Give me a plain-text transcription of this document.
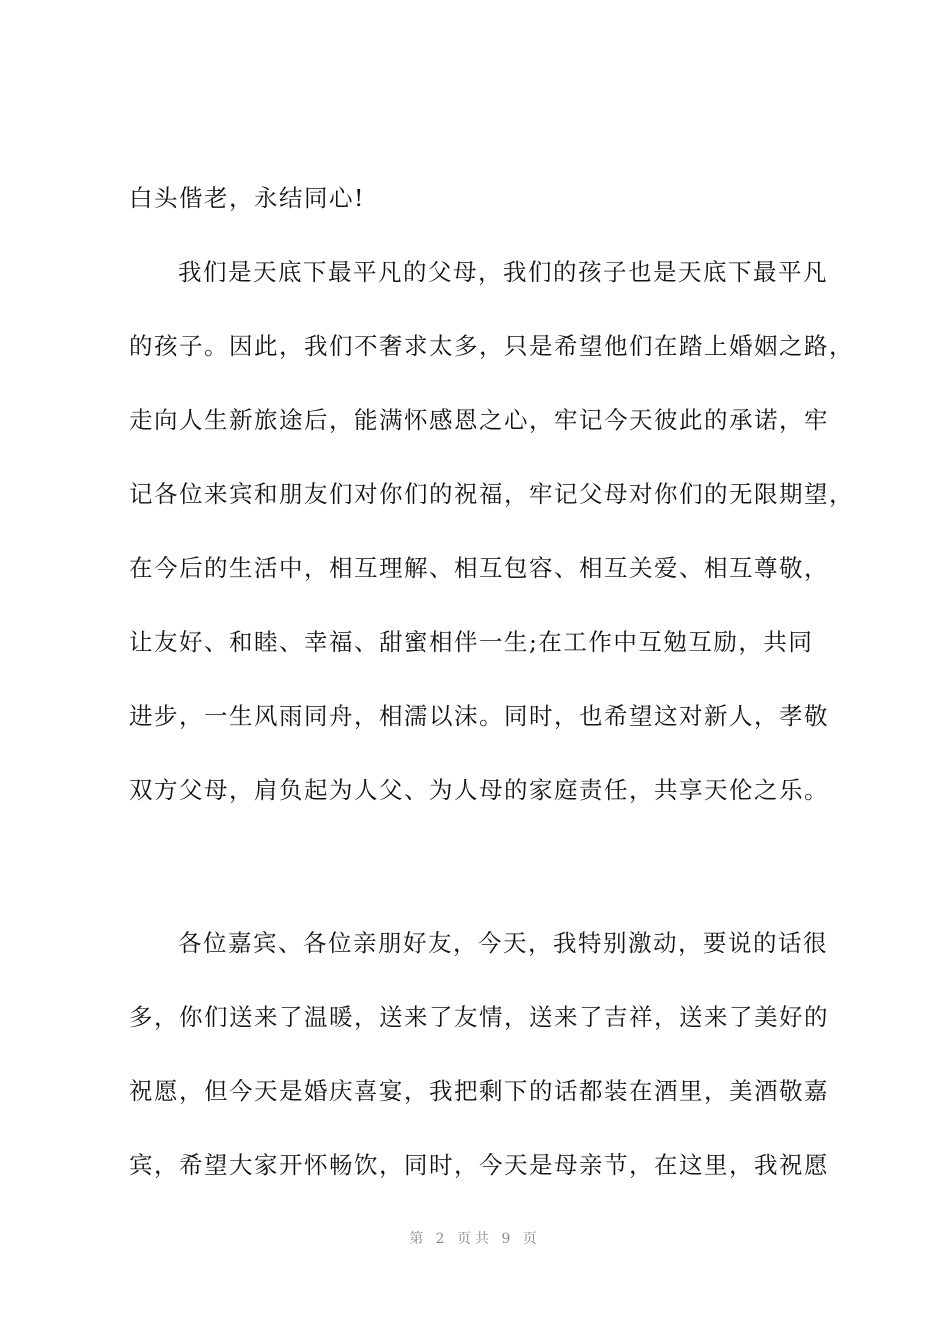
白头偕老，永结同心!
我们是天底下最平凡的父母，我们的孩子也是天底下最平凡
的孩子。因此，我们不奢求太多，只是希望他们在踏上婚姻之路，
走向人生新旅途后，能满怀感恩之心，牢记今天彼此的承诺，牢
记各位来宾和朋友们对你们的祝福，牢记父母对你们的无限期望，
在今后的生活中，相互理解、相互包容、相互关爱、相互尊敬，
让友好、和睦、幸福、甜蜜相伴一生;在工作中互勉互励，共同
进步，一生风雨同舟，相濡以沫。同时，也希望这对新人，孝敬
双方父母，肩负起为人父、为人母的家庭责任，共享天伦之乐。
各位嘉宾、各位亲朋好友，今天，我特别激动，要说的话很
多，你们送来了温暖，送来了友情，送来了吉祥，送来了美好的
祝愿，但今天是婚庆喜宴，我把剩下的话都装在酒里，美酒敬嘉
宾，希望大家开怀畅饮，同时，今天是母亲节，在这里，我祝愿
第 2 页共 9 页
